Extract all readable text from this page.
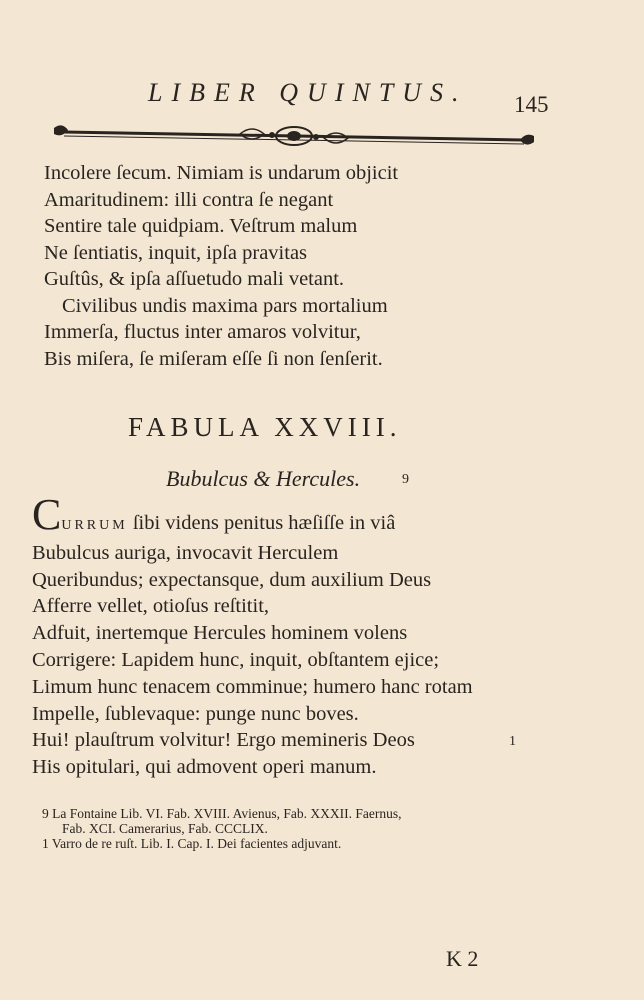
LIBER QUINTUS. 145
Incolere ſecum. Nimiam is undarum objicit
Amaritudinem: illi contra ſe negant
Sentire tale quidpiam. Veſtrum malum
Ne ſentiatis, inquit, ipſa pravitas
Guſtûs, & ipſa aſſuetudo mali vetant.
Civilibus undis maxima pars mortalium
Immerſa, fluctus inter amaros volvitur,
Bis miſera, ſe miſeram eſſe ſi non ſenſerit.
FABULA XXVIII.
Bubulcus & Hercules.	9
CURRUM ſibi videns penitus hæſiſſe in viâ
Bubulcus auriga, invocavit Herculem
Queribundus; expectansque, dum auxilium Deus
Afferre vellet, otioſus reſtitit,
Adfuit, inertemque Hercules hominem volens
Corrigere: Lapidem hunc, inquit, obſtantem ejice;
Limum hunc tenacem comminue; humero hanc rotam
Impelle, ſublevaque: punge nunc boves.
Hui! plauſtrum volvitur! Ergo memineris Deos	1
His opitulari, qui admovent operi manum.
9 La Fontaine Lib. VI. Fab. XVIII. Avienus, Fab. XXXII. Faernus,
Fab. XCI. Camerarius, Fab. CCCLIX.
1 Varro de re ruſt. Lib. I. Cap. I. Dei facientes adjuvant.
K 2
